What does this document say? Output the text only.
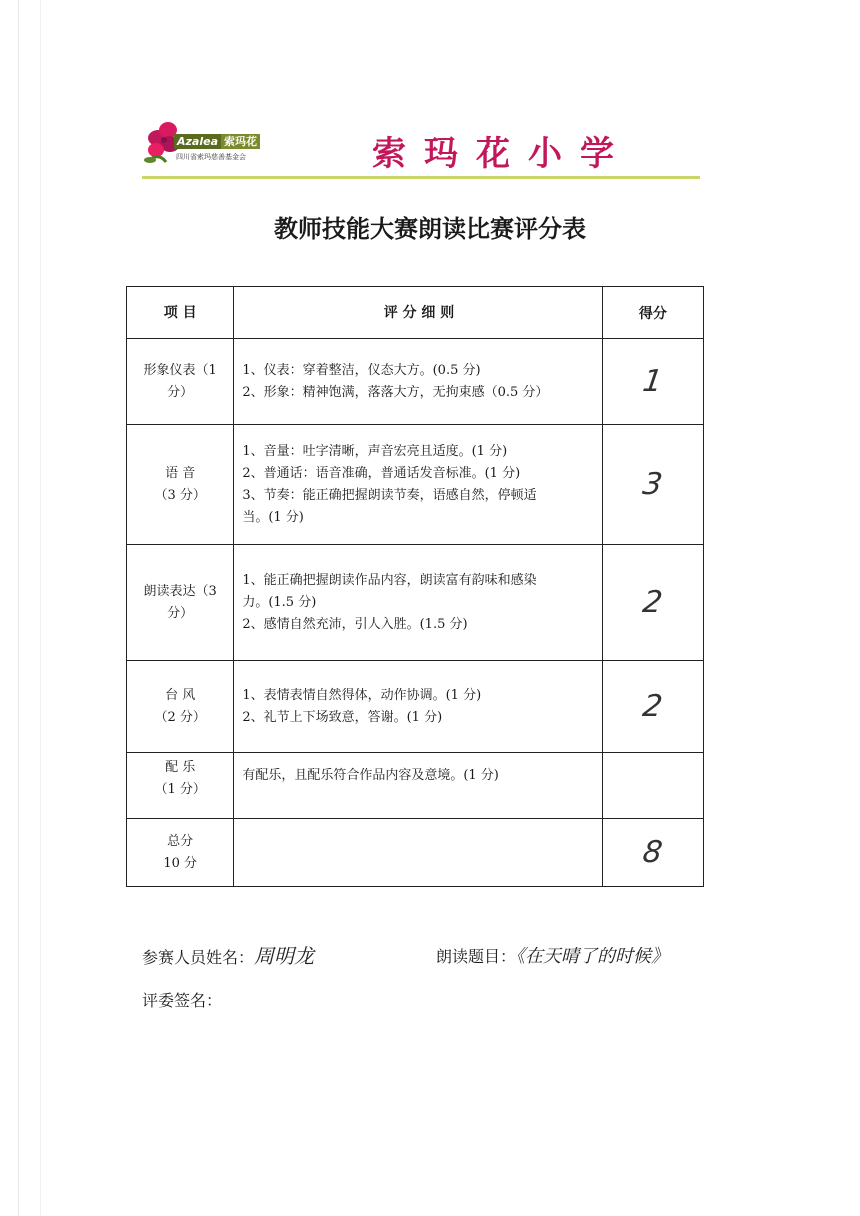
Azalea 索玛花
四川省索玛慈善基金会	索玛花小学
教师技能大赛朗读比赛评分表
项 目	评 分 细 则	得分

形象仪表（1
分）	1、仪表：穿着整洁，仪态大方。(0.5 分)
2、形象：精神饱满，落落大方，无拘束感（0.5 分）	1

语 音
（3 分）	1、音量：吐字清晰，声音宏亮且适度。(1 分)
2、普通话：语音准确，普通话发音标准。(1 分)
3、节奏：能正确把握朗读节奏，语感自然，停顿适
当。(1 分)	3

朗读表达（3
分）	1、能正确把握朗读作品内容，朗读富有韵味和感染
力。(1.5 分)
2、感情自然充沛，引人入胜。(1.5 分)	2

台 风
（2 分）	1、表情表情自然得体，动作协调。(1 分)
2、礼节上下场致意，答谢。(1 分)	2

配 乐
（1 分）	有配乐，且配乐符合作品内容及意境。(1 分)	

总分
10 分		8
参赛人员姓名：周明龙	朗读题目：《在天晴了的时候》
评委签名：
